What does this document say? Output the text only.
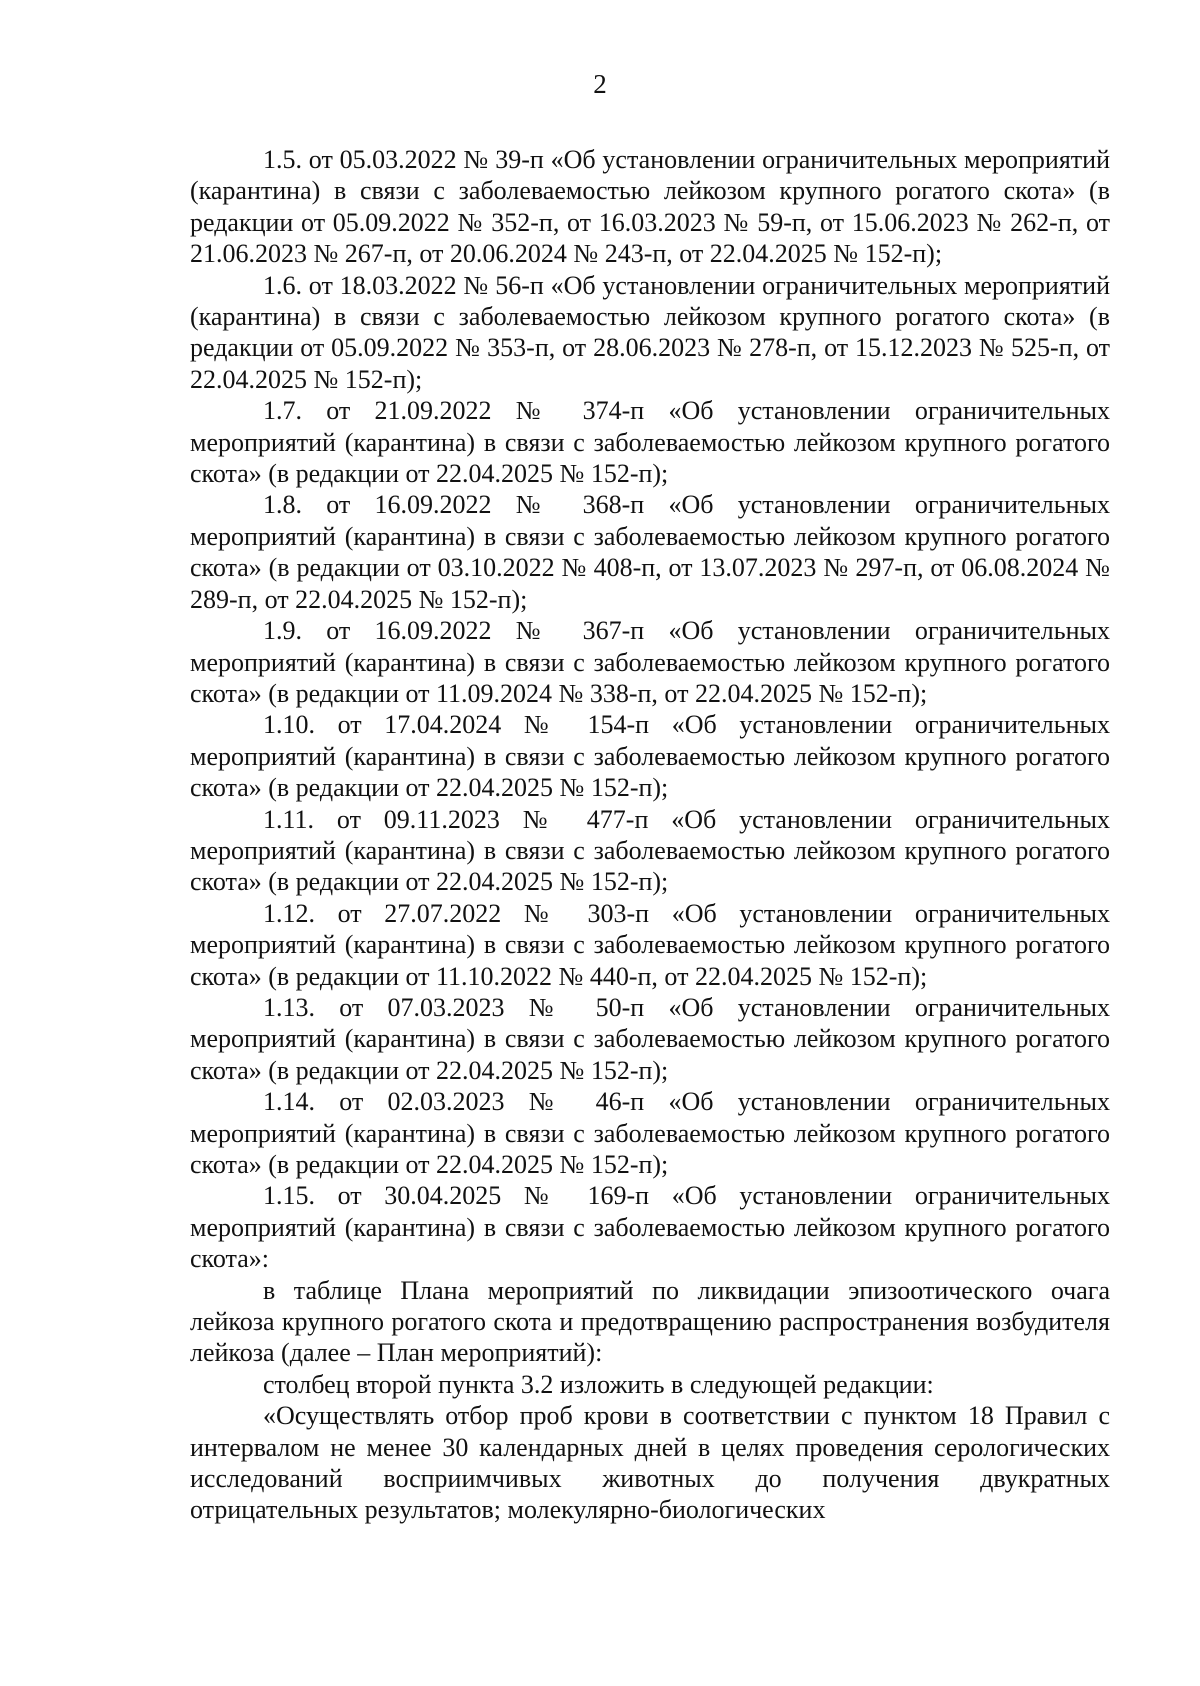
2

1.5. от 05.03.2022 № 39-п «Об установлении ограничительных мероприятий (карантина) в связи с заболеваемостью лейкозом крупного рогатого скота» (в редакции от 05.09.2022 № 352-п, от 16.03.2023 № 59-п, от 15.06.2023 № 262-п, от 21.06.2023 № 267-п, от 20.06.2024 № 243-п, от 22.04.2025 № 152-п);

1.6. от 18.03.2022 № 56-п «Об установлении ограничительных мероприятий (карантина) в связи с заболеваемостью лейкозом крупного рогатого скота» (в редакции от 05.09.2022 № 353-п, от 28.06.2023 № 278-п, от 15.12.2023 № 525-п, от 22.04.2025 № 152-п);

1.7. от 21.09.2022 № 374-п «Об установлении ограничительных мероприятий (карантина) в связи с заболеваемостью лейкозом крупного рогатого скота» (в редакции от 22.04.2025 № 152-п);

1.8. от 16.09.2022 № 368-п «Об установлении ограничительных мероприятий (карантина) в связи с заболеваемостью лейкозом крупного рогатого скота» (в редакции от 03.10.2022 № 408-п, от 13.07.2023 № 297-п, от 06.08.2024 № 289-п, от 22.04.2025 № 152-п);

1.9. от 16.09.2022 № 367-п «Об установлении ограничительных мероприятий (карантина) в связи с заболеваемостью лейкозом крупного рогатого скота» (в редакции от 11.09.2024 № 338-п, от 22.04.2025 № 152-п);

1.10. от 17.04.2024 № 154-п «Об установлении ограничительных мероприятий (карантина) в связи с заболеваемостью лейкозом крупного рогатого скота» (в редакции от 22.04.2025 № 152-п);

1.11. от 09.11.2023 № 477-п «Об установлении ограничительных мероприятий (карантина) в связи с заболеваемостью лейкозом крупного рогатого скота» (в редакции от 22.04.2025 № 152-п);

1.12. от 27.07.2022 № 303-п «Об установлении ограничительных мероприятий (карантина) в связи с заболеваемостью лейкозом крупного рогатого скота» (в редакции от 11.10.2022 № 440-п, от 22.04.2025 № 152-п);

1.13. от 07.03.2023 № 50-п «Об установлении ограничительных мероприятий (карантина) в связи с заболеваемостью лейкозом крупного рогатого скота» (в редакции от 22.04.2025 № 152-п);

1.14. от 02.03.2023 № 46-п «Об установлении ограничительных мероприятий (карантина) в связи с заболеваемостью лейкозом крупного рогатого скота» (в редакции от 22.04.2025 № 152-п);

1.15. от 30.04.2025 № 169-п «Об установлении ограничительных мероприятий (карантина) в связи с заболеваемостью лейкозом крупного рогатого скота»:

в таблице Плана мероприятий по ликвидации эпизоотического очага лейкоза крупного рогатого скота и предотвращению распространения возбудителя лейкоза (далее – План мероприятий):

столбец второй пункта 3.2 изложить в следующей редакции:

«Осуществлять отбор проб крови в соответствии с пунктом 18 Правил с интервалом не менее 30 календарных дней в целях проведения серологических исследований восприимчивых животных до получения двукратных отрицательных результатов; молекулярно-биологических
